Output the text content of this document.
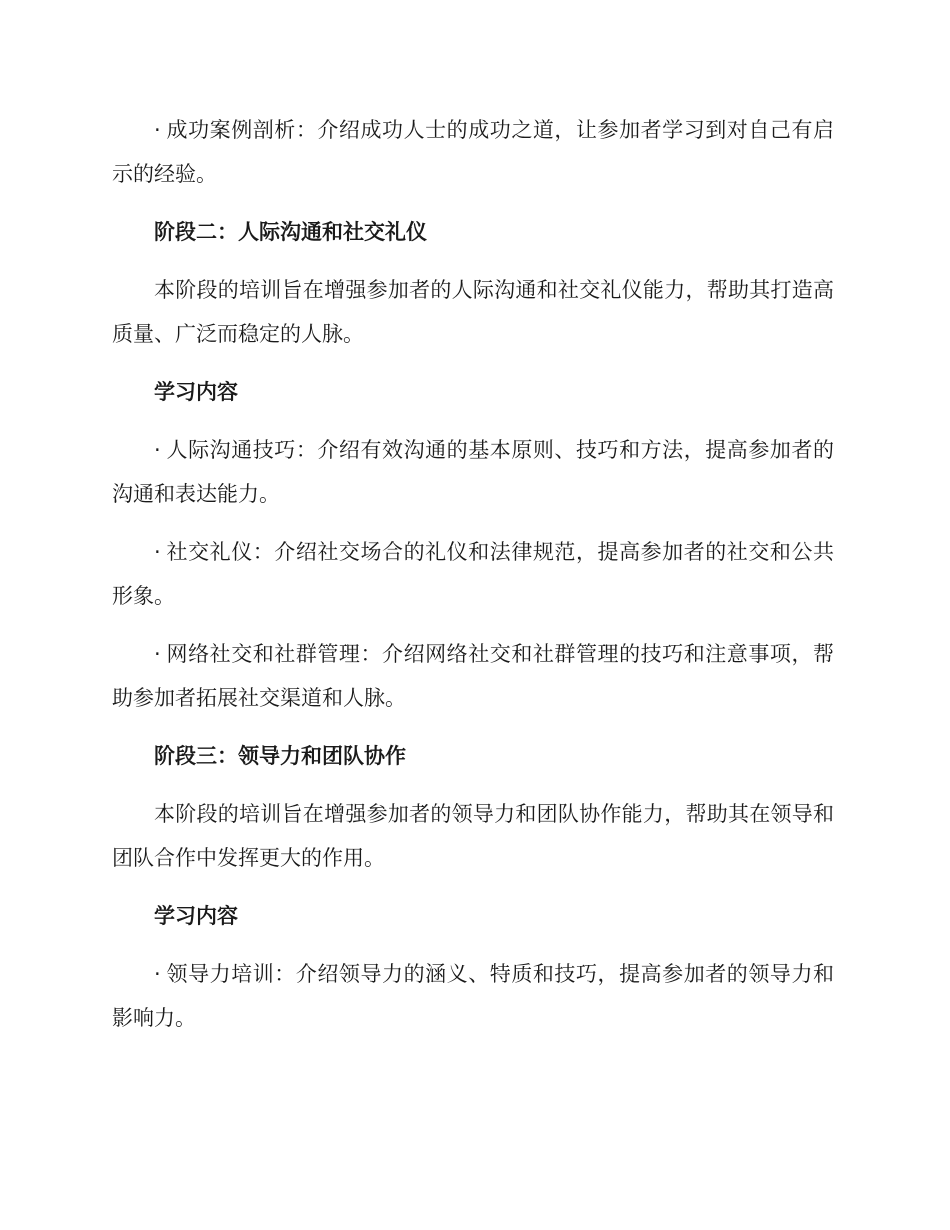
· 成功案例剖析：介绍成功人士的成功之道，让参加者学习到对自己有启示的经验。

阶段二：人际沟通和社交礼仪

本阶段的培训旨在增强参加者的人际沟通和社交礼仪能力，帮助其打造高质量、广泛而稳定的人脉。

学习内容

· 人际沟通技巧：介绍有效沟通的基本原则、技巧和方法，提高参加者的沟通和表达能力。

· 社交礼仪：介绍社交场合的礼仪和法律规范，提高参加者的社交和公共形象。

· 网络社交和社群管理：介绍网络社交和社群管理的技巧和注意事项，帮助参加者拓展社交渠道和人脉。

阶段三：领导力和团队协作

本阶段的培训旨在增强参加者的领导力和团队协作能力，帮助其在领导和团队合作中发挥更大的作用。

学习内容

· 领导力培训：介绍领导力的涵义、特质和技巧，提高参加者的领导力和影响力。
